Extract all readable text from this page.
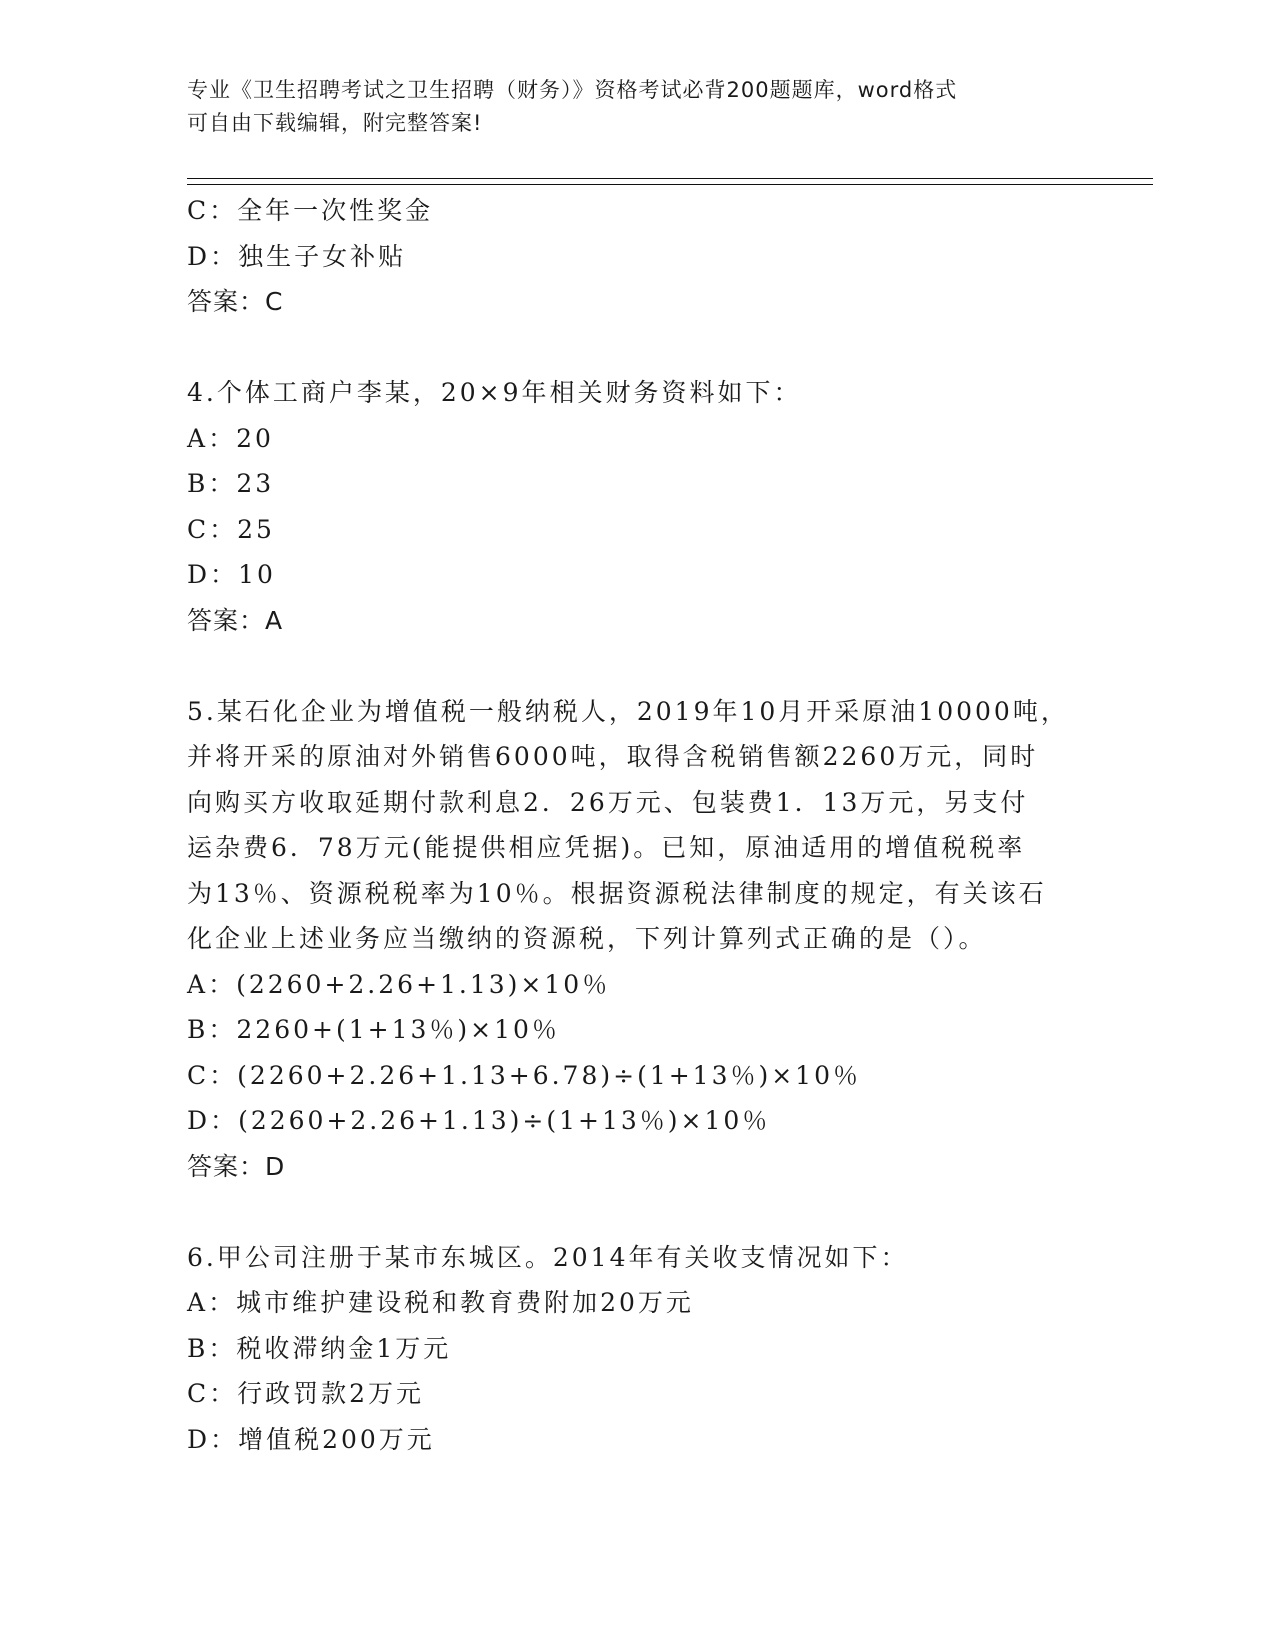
专业《卫生招聘考试之卫生招聘（财务）》资格考试必背200题题库，word格式
可自由下载编辑，附完整答案!
C：全年一次性奖金
D：独生子女补贴
答案：C
4.个体工商户李某，20×9年相关财务资料如下：
A：20
B：23
C：25
D：10
答案：A
5.某石化企业为增值税一般纳税人，2019年10月开采原油10000吨，
并将开采的原油对外销售6000吨，取得含税销售额2260万元，同时
向购买方收取延期付款利息2．26万元、包装费1．13万元，另支付
运杂费6．78万元(能提供相应凭据)。已知，原油适用的增值税税率
为13％、资源税税率为10％。根据资源税法律制度的规定，有关该石
化企业上述业务应当缴纳的资源税，下列计算列式正确的是（）。
A：(2260+2.26+1.13)×10％
B：2260+(1+13％)×10％
C：(2260+2.26+1.13+6.78)÷(1+13％)×10％
D：(2260+2.26+1.13)÷(1+13％)×10％
答案：D
6.甲公司注册于某市东城区。2014年有关收支情况如下：
A：城市维护建设税和教育费附加20万元
B：税收滞纳金1万元
C：行政罚款2万元
D：增值税200万元
